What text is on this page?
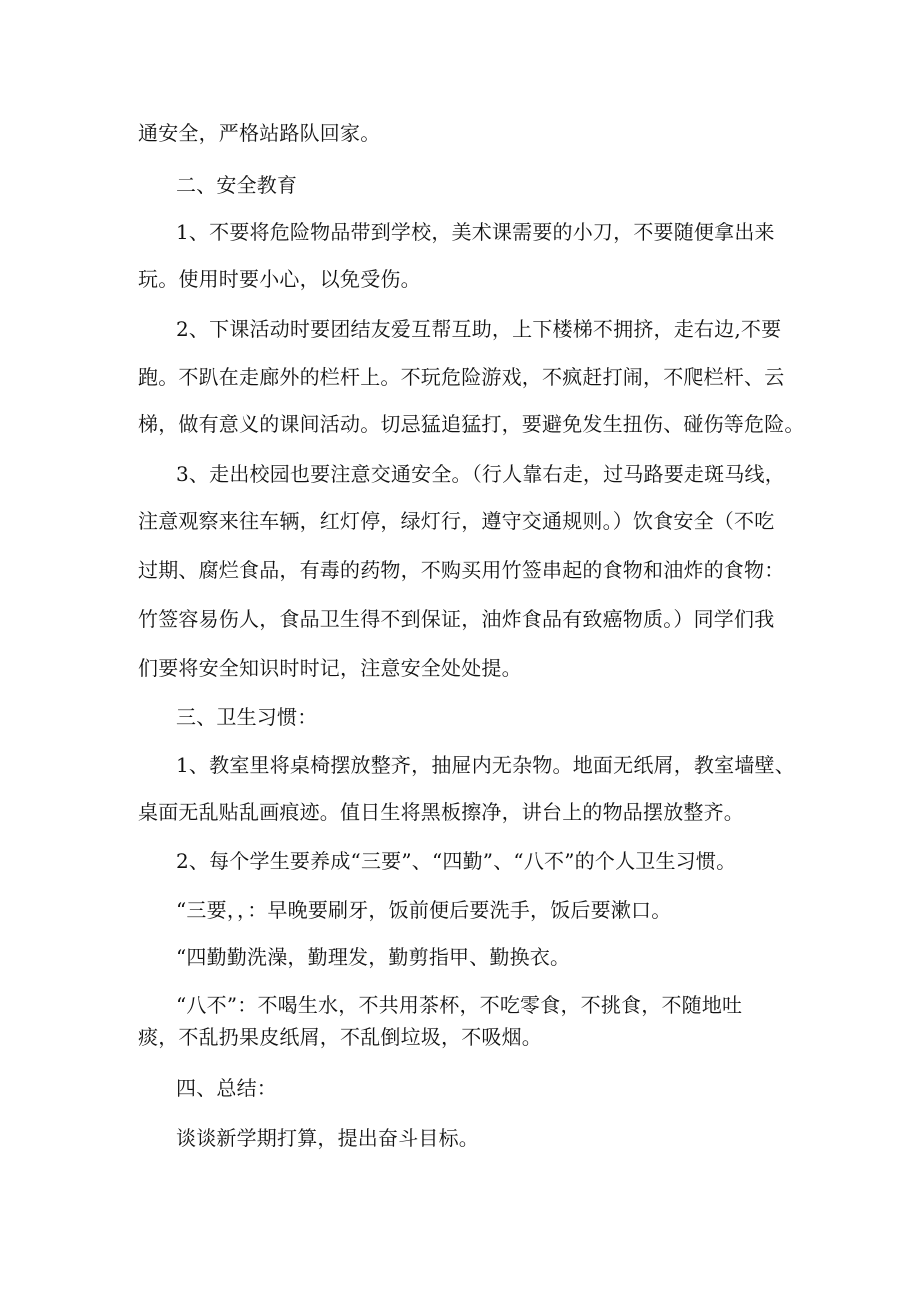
通安全，严格站路队回家。

二、安全教育

1、不要将危险物品带到学校，美术课需要的小刀，不要随便拿出来

玩。使用时要小心，以免受伤。

2、下课活动时要团结友爱互帮互助，上下楼梯不拥挤，走右边,不要

跑。不趴在走廊外的栏杆上。不玩危险游戏，不疯赶打闹，不爬栏杆、云

梯，做有意义的课间活动。切忌猛追猛打，要避免发生扭伤、碰伤等危险。

3、走出校园也要注意交通安全。（行人靠右走，过马路要走斑马线，

注意观察来往车辆，红灯停，绿灯行，遵守交通规则。）饮食安全（不吃

过期、腐烂食品，有毒的药物，不购买用竹签串起的食物和油炸的食物：

竹签容易伤人，食品卫生得不到保证，油炸食品有致癌物质。）同学们我

们要将安全知识时时记，注意安全处处提。

三、卫生习惯：

1、教室里将桌椅摆放整齐，抽屉内无杂物。地面无纸屑，教室墙壁、

桌面无乱贴乱画痕迹。值日生将黑板擦净，讲台上的物品摆放整齐。

2、每个学生要养成“三要”、“四勤”、“八不”的个人卫生习惯。

“三要，，：早晚要刷牙，饭前便后要洗手，饭后要漱口。

“四勤勤洗澡，勤理发，勤剪指甲、勤换衣。

“八不”：不喝生水，不共用茶杯，不吃零食，不挑食，不随地吐

痰，不乱扔果皮纸屑，不乱倒垃圾，不吸烟。

四、总结：

谈谈新学期打算，提出奋斗目标。
